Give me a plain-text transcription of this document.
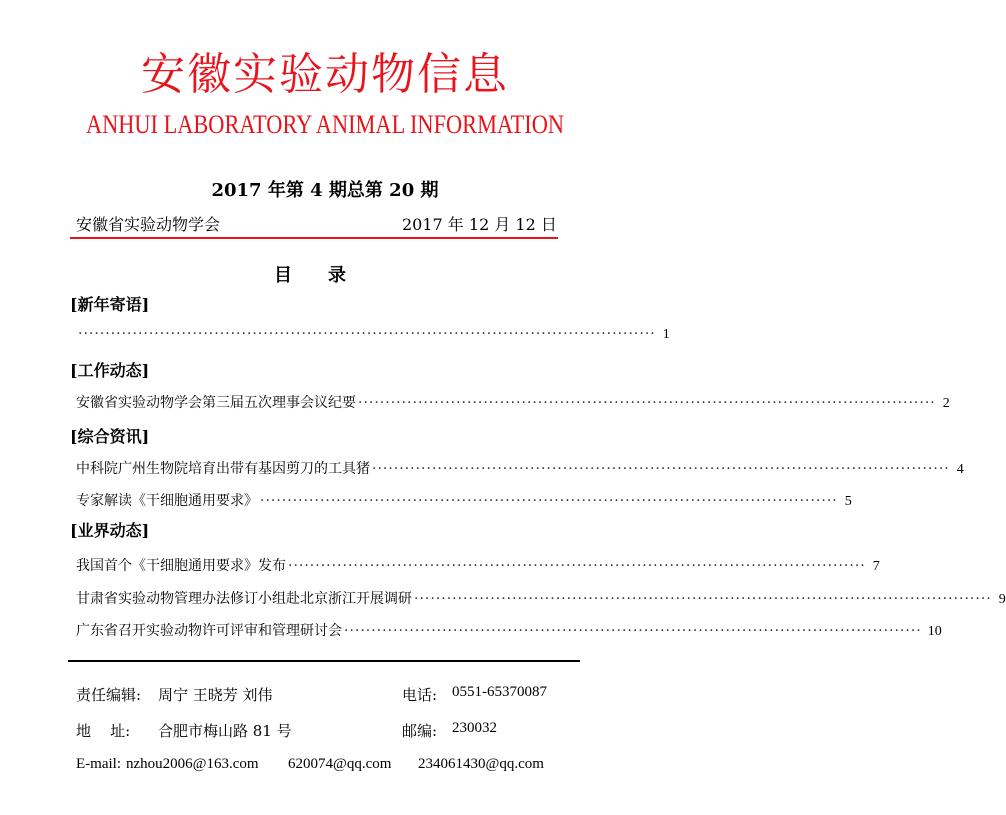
安徽实验动物信息
ANHUI LABORATORY ANIMAL INFORMATION
2017 年第 4 期总第 20 期
安徽省实验动物学会	2017 年 12 月 12 日
目录
[新年寄语]
·········································································································· 1
[工作动态]
安徽省实验动物学会第三届五次理事会议纪要 ·········································································································· 2
[综合资讯]
中科院广州生物院培育出带有基因剪刀的工具猪 ·········································································································· 4
专家解读《干细胞通用要求》 ·········································································································· 5
[业界动态]
我国首个《干细胞通用要求》发布 ·········································································································· 7
甘肃省实验动物管理办法修订小组赴北京浙江开展调研 ·········································································································· 9
广东省召开实验动物许可评审和管理研讨会 ·········································································································· 10
责任编辑: 周宁 王晓芳 刘伟	电话: 0551-65370087
地    址: 合肥市梅山路 81 号	邮编: 230032
E-mail: nzhou2006@163.com 620074@qq.com 234061430@qq.com
